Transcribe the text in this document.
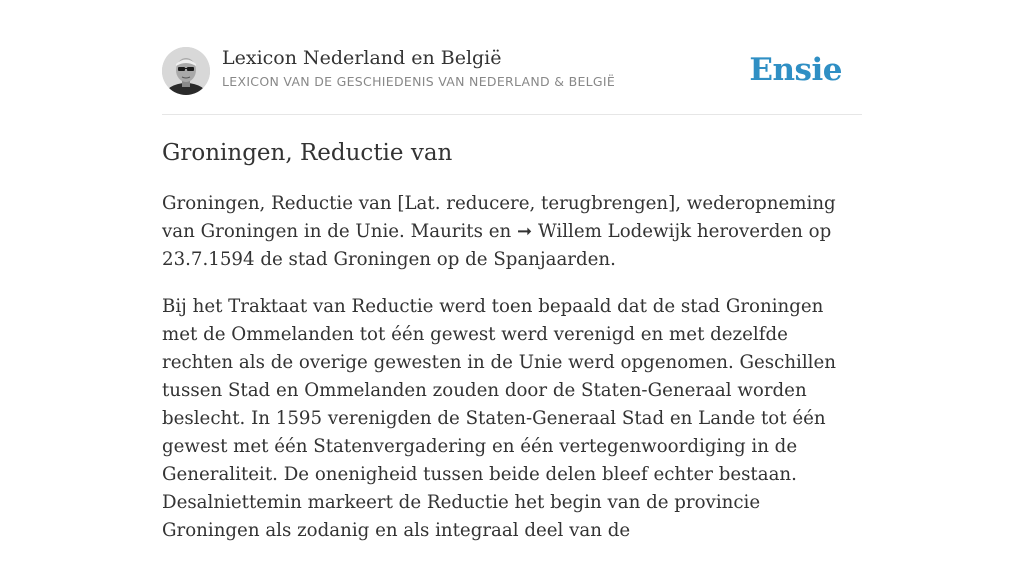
Lexicon Nederland en België
LEXICON VAN DE GESCHIEDENIS VAN NEDERLAND & BELGIË	Ensie
Groningen, Reductie van

Groningen, Reductie van [Lat. reducere, terugbrengen], wederopneming van Groningen in de Unie. Maurits en ➞ Willem Lodewijk heroverden op 23.7.1594 de stad Groningen op de Spanjaarden.

Bij het Traktaat van Reductie werd toen bepaald dat de stad Groningen met de Ommelanden tot één gewest werd verenigd en met dezelfde rechten als de overige gewesten in de Unie werd opgenomen. Geschillen tussen Stad en Ommelanden zouden door de Staten-Generaal worden beslecht. In 1595 verenigden de Staten-Generaal Stad en Lande tot één gewest met één Statenvergadering en één vertegenwoordiging in de Generaliteit. De onenigheid tussen beide delen bleef echter bestaan. Desalniettemin markeert de Reductie het begin van de provincie Groningen als zodanig en als integraal deel van de
